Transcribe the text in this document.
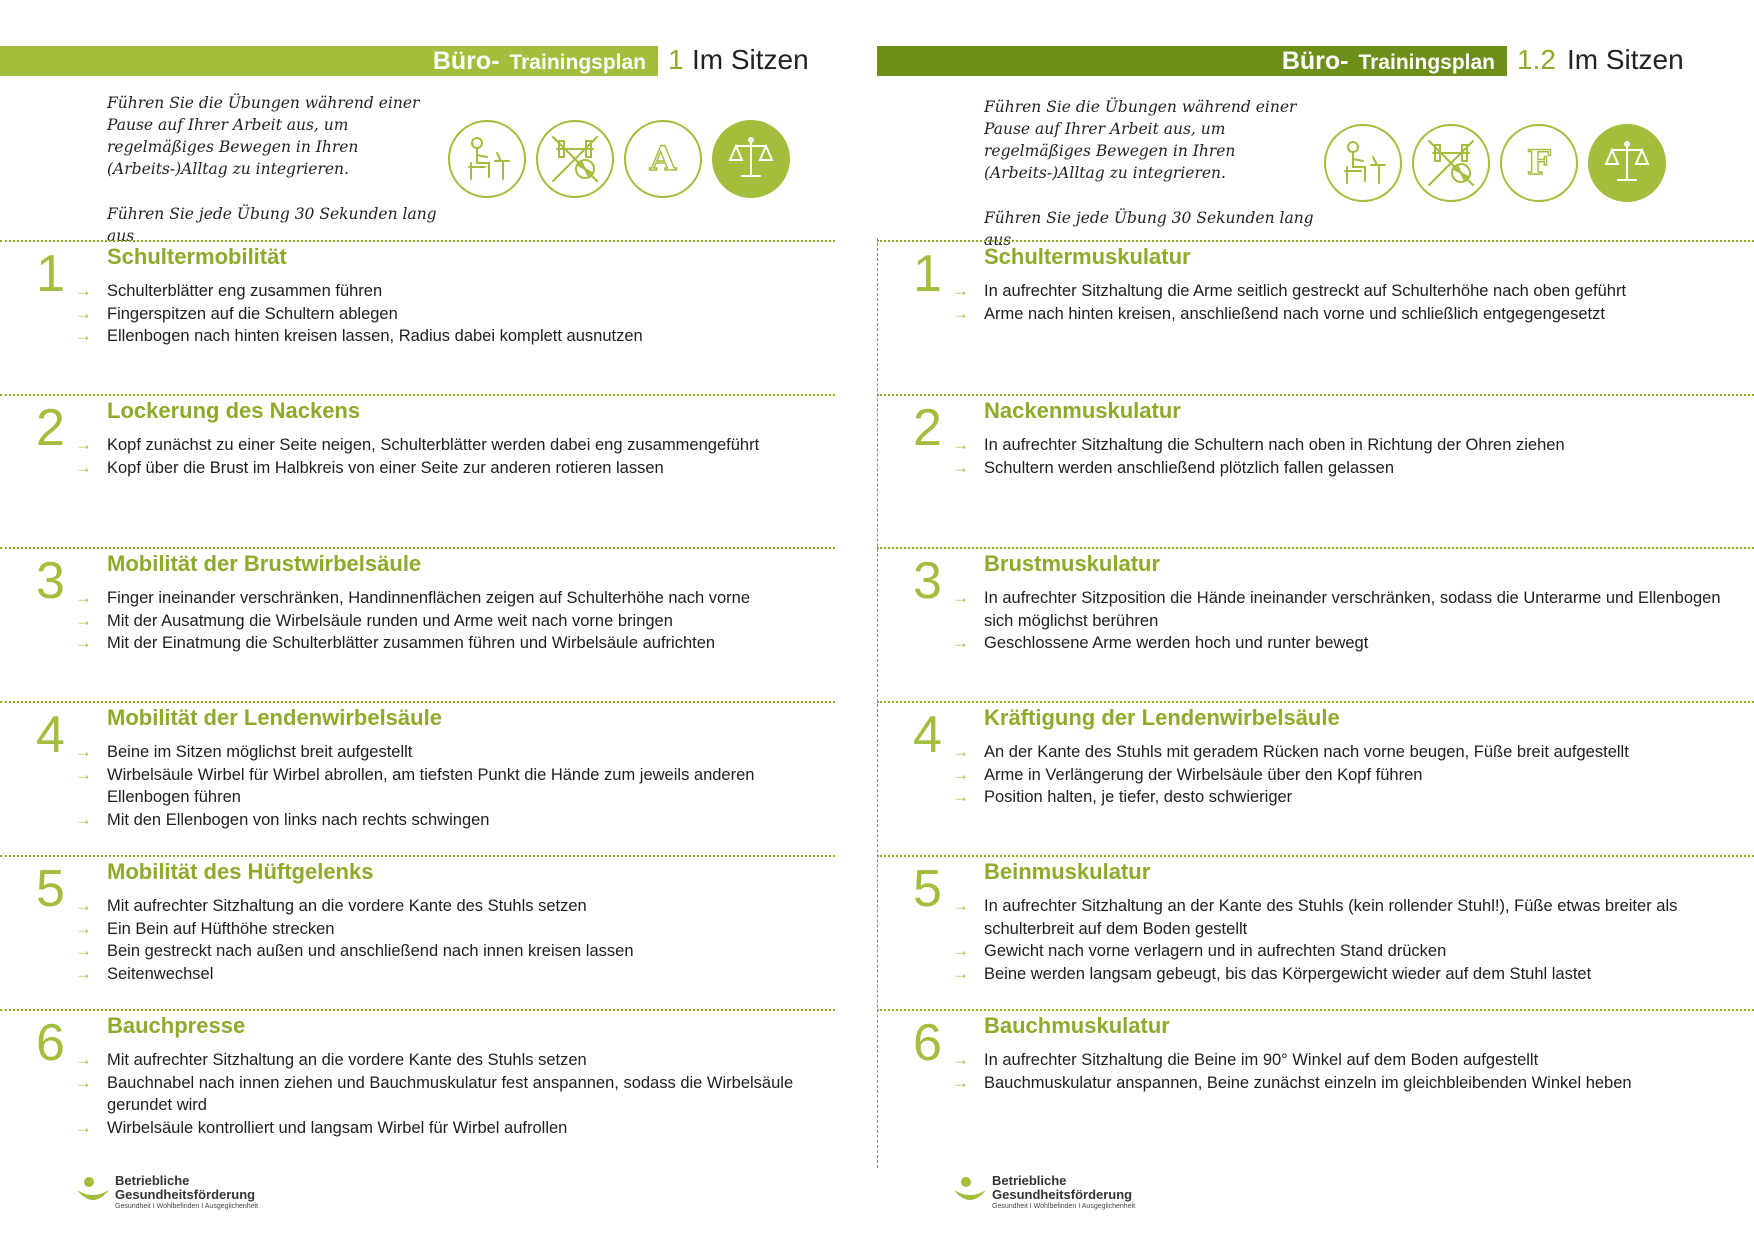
Büro- Trainingsplan 1 Im Sitzen

Führen Sie die Übungen während einer Pause auf Ihrer Arbeit aus, um regelmäßiges Bewegen in Ihren (Arbeits-)Alltag zu integrieren.

Führen Sie jede Übung 30 Sekunden lang aus

A
1 Schultermobilität
→ Schulterblätter eng zusammen führen
→ Fingerspitzen auf die Schultern ablegen
→ Ellenbogen nach hinten kreisen lassen, Radius dabei komplett ausnutzen
2 Lockerung des Nackens
→ Kopf zunächst zu einer Seite neigen, Schulterblätter werden dabei eng zusammengeführt
→ Kopf über die Brust im Halbkreis von einer Seite zur anderen rotieren lassen
3 Mobilität der Brustwirbelsäule
→ Finger ineinander verschränken, Handinnenflächen zeigen auf Schulterhöhe nach vorne
→ Mit der Ausatmung die Wirbelsäule runden und Arme weit nach vorne bringen
→ Mit der Einatmung die Schulterblätter zusammen führen und Wirbelsäule aufrichten
4 Mobilität der Lendenwirbelsäule
→ Beine im Sitzen möglichst breit aufgestellt
→ Wirbelsäule Wirbel für Wirbel abrollen, am tiefsten Punkt die Hände zum jeweils anderen Ellenbogen führen
→ Mit den Ellenbogen von links nach rechts schwingen
5 Mobilität des Hüftgelenks
→ Mit aufrechter Sitzhaltung an die vordere Kante des Stuhls setzen
→ Ein Bein auf Hüfthöhe strecken
→ Bein gestreckt nach außen und anschließend nach innen kreisen lassen
→ Seitenwechsel
6 Bauchpresse
→ Mit aufrechter Sitzhaltung an die vordere Kante des Stuhls setzen
→ Bauchnabel nach innen ziehen und Bauchmuskulatur fest anspannen, sodass die Wirbelsäule gerundet wird
→ Wirbelsäule kontrolliert und langsam Wirbel für Wirbel aufrollen
Betriebliche
Gesundheitsförderung
Gesundheit I Wohlbefinden I Ausgeglichenheit
Büro- Trainingsplan 1.2 Im Sitzen

Führen Sie die Übungen während einer Pause auf Ihrer Arbeit aus, um regelmäßiges Bewegen in Ihren (Arbeits-)Alltag zu integrieren.

Führen Sie jede Übung 30 Sekunden lang aus

F
1 Schultermuskulatur
→ In aufrechter Sitzhaltung die Arme seitlich gestreckt auf Schulterhöhe nach oben geführt
→ Arme nach hinten kreisen, anschließend nach vorne und schließlich entgegengesetzt
2 Nackenmuskulatur
→ In aufrechter Sitzhaltung die Schultern nach oben in Richtung der Ohren ziehen
→ Schultern werden anschließend plötzlich fallen gelassen
3 Brustmuskulatur
→ In aufrechter Sitzposition die Hände ineinander verschränken, sodass die Unterarme und Ellenbogen sich möglichst berühren
→ Geschlossene Arme werden hoch und runter bewegt
4 Kräftigung der Lendenwirbelsäule
→ An der Kante des Stuhls mit geradem Rücken nach vorne beugen, Füße breit aufgestellt
→ Arme in Verlängerung der Wirbelsäule über den Kopf führen
→ Position halten, je tiefer, desto schwieriger
5 Beinmuskulatur
→ In aufrechter Sitzhaltung an der Kante des Stuhls (kein rollender Stuhl!), Füße etwas breiter als schulterbreit auf dem Boden gestellt
→ Gewicht nach vorne verlagern und in aufrechten Stand drücken
→ Beine werden langsam gebeugt, bis das Körpergewicht wieder auf dem Stuhl lastet
6 Bauchmuskulatur
→ In aufrechter Sitzhaltung die Beine im 90° Winkel auf dem Boden aufgestellt
→ Bauchmuskulatur anspannen, Beine zunächst einzeln im gleichbleibenden Winkel heben
Betriebliche
Gesundheitsförderung
Gesundheit I Wohlbefinden I Ausgeglichenheit
